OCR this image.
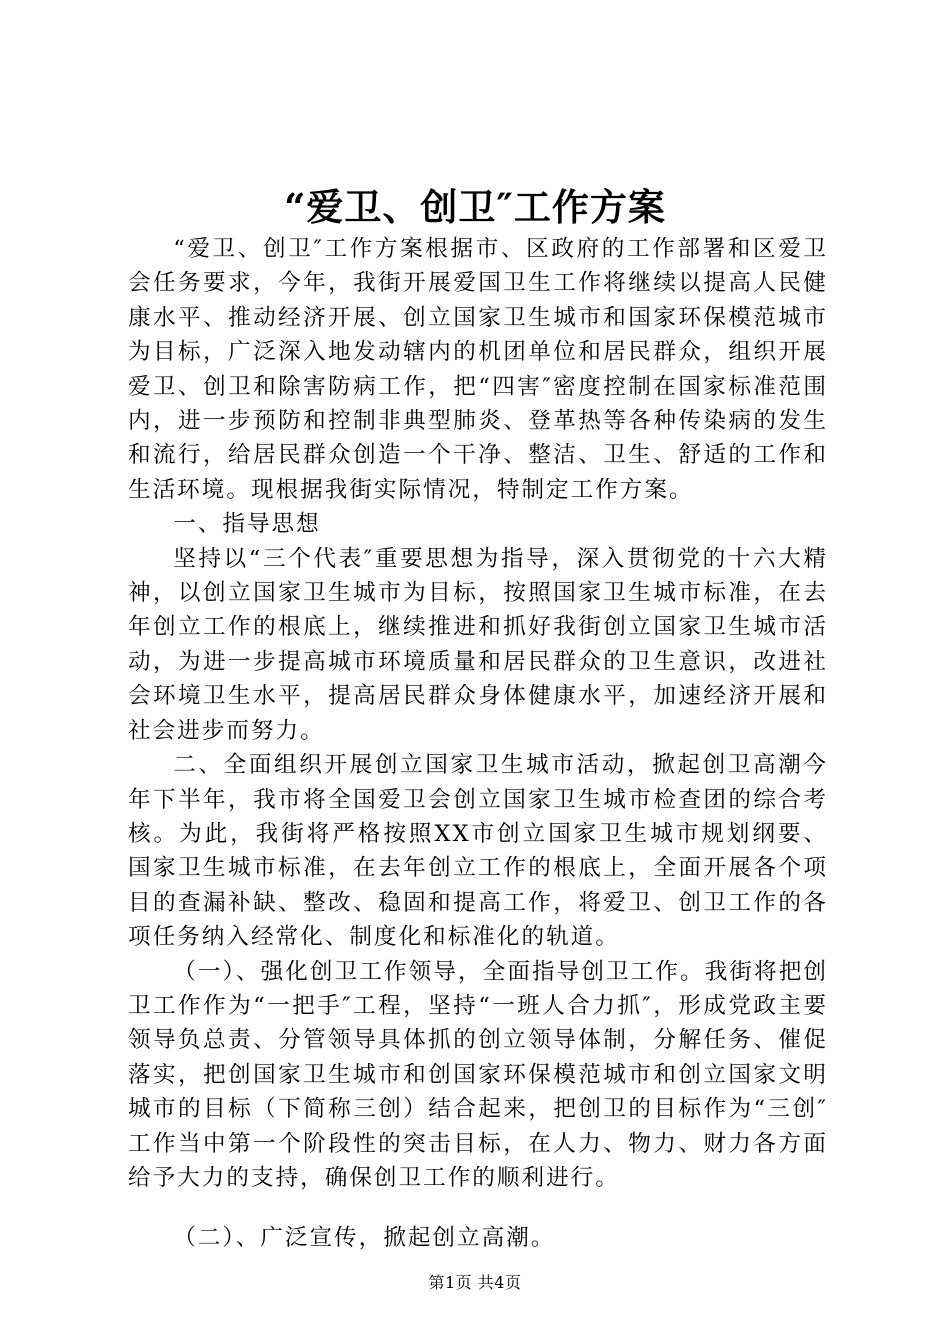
“爱卫、创卫″工作方案

“爱卫、创卫″工作方案根据市、区政府的工作部署和区爱卫会任务要求，今年，我街开展爱国卫生工作将继续以提高人民健康水平、推动经济开展、创立国家卫生城市和国家环保模范城市为目标，广泛深入地发动辖内的机团单位和居民群众，组织开展爱卫、创卫和除害防病工作，把“四害″密度控制在国家标准范围内，进一步预防和控制非典型肺炎、登革热等各种传染病的发生和流行，给居民群众创造一个干净、整洁、卫生、舒适的工作和生活环境。现根据我街实际情况，特制定工作方案。

一、指导思想

坚持以“三个代表″重要思想为指导，深入贯彻党的十六大精神，以创立国家卫生城市为目标，按照国家卫生城市标准，在去年创立工作的根底上，继续推进和抓好我街创立国家卫生城市活动，为进一步提高城市环境质量和居民群众的卫生意识，改进社会环境卫生水平，提高居民群众身体健康水平，加速经济开展和社会进步而努力。

二、全面组织开展创立国家卫生城市活动，掀起创卫高潮今年下半年，我市将全国爱卫会创立国家卫生城市检查团的综合考核。为此，我街将严格按照XX市创立国家卫生城市规划纲要、国家卫生城市标准，在去年创立工作的根底上，全面开展各个项目的查漏补缺、整改、稳固和提高工作，将爱卫、创卫工作的各项任务纳入经常化、制度化和标准化的轨道。

（一）、强化创卫工作领导，全面指导创卫工作。我街将把创卫工作作为“一把手″工程，坚持“一班人合力抓″，形成党政主要领导负总责、分管领导具体抓的创立领导体制，分解任务、催促落实，把创国家卫生城市和创国家环保模范城市和创立国家文明城市的目标（下简称三创）结合起来，把创卫的目标作为“三创″工作当中第一个阶段性的突击目标，在人力、物力、财力各方面给予大力的支持，确保创卫工作的顺利进行。

（二）、广泛宣传，掀起创立高潮。

第1页 共4页
